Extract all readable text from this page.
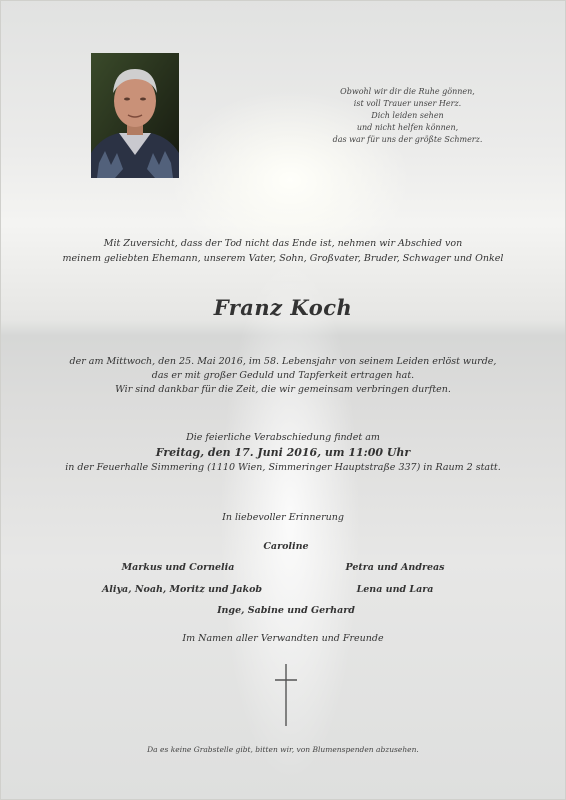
Obwohl wir dir die Ruhe gönnen,
ist voll Trauer unser Herz.
Dich leiden sehen
und nicht helfen können,
das war für uns der größte Schmerz.
Mit Zuversicht, dass der Tod nicht das Ende ist, nehmen wir Abschied von
meinem geliebten Ehemann, unserem Vater, Sohn, Großvater, Bruder, Schwager und Onkel
Franz Koch
der am Mittwoch, den 25. Mai 2016, im 58. Lebensjahr von seinem Leiden erlöst wurde,
das er mit großer Geduld und Tapferkeit ertragen hat.
Wir sind dankbar für die Zeit, die wir gemeinsam verbringen durften.
Die feierliche Verabschiedung findet am
Freitag, den 17. Juni 2016, um 11:00 Uhr
in der Feuerhalle Simmering (1110 Wien, Simmeringer Hauptstraße 337) in Raum 2 statt.
In liebevoller Erinnerung
Caroline
Markus und Cornelia	Petra und Andreas
Aliya, Noah, Moritz und Jakob	Lena und Lara
Inge, Sabine und Gerhard
Im Namen aller Verwandten und Freunde
Da es keine Grabstelle gibt, bitten wir, von Blumenspenden abzusehen.
